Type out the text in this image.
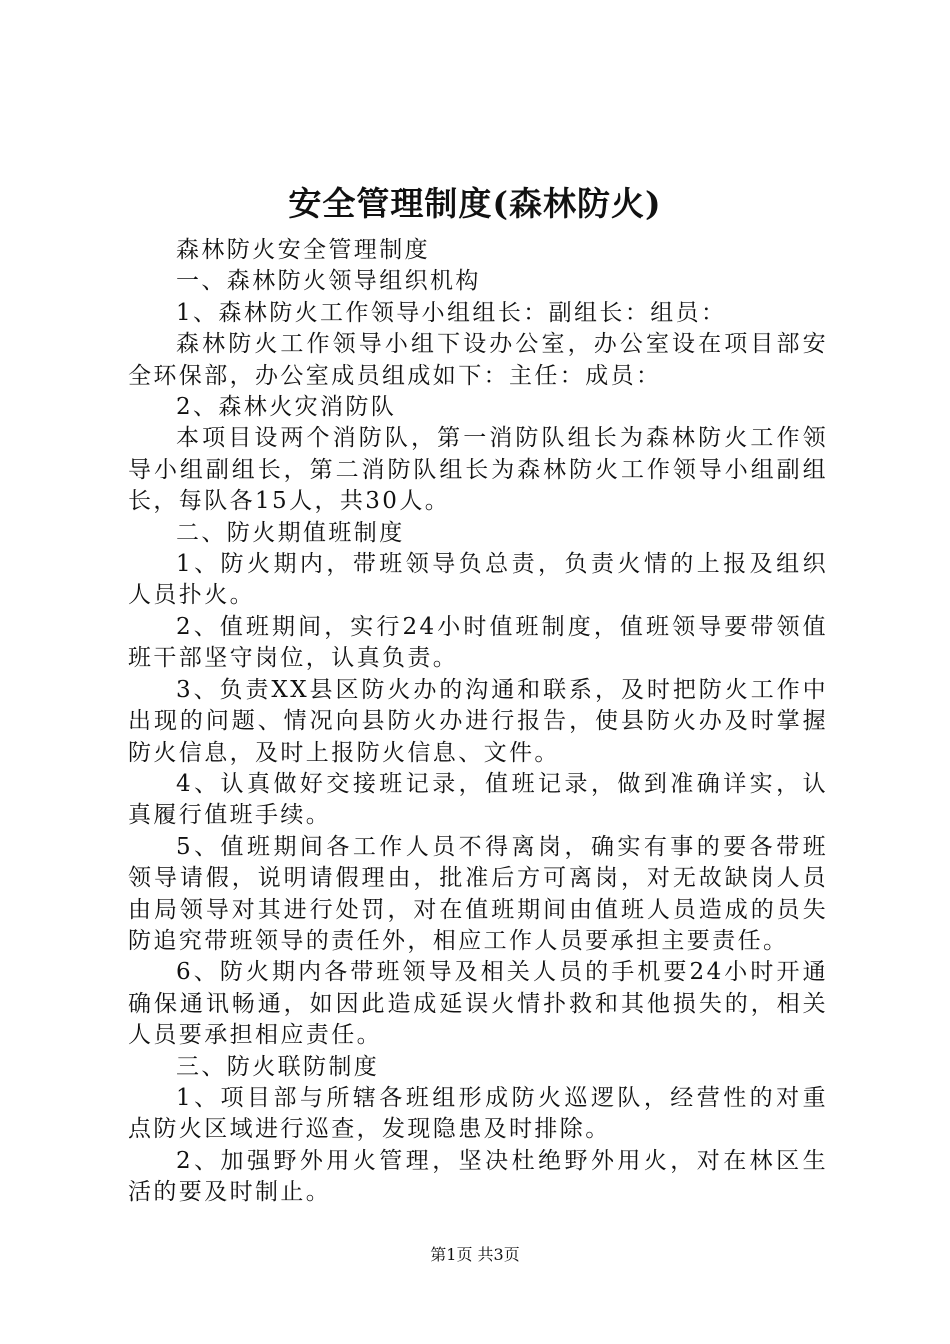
安全管理制度(森林防火)

森林防火安全管理制度

一、森林防火领导组织机构

1、森林防火工作领导小组组长：副组长：组员：

森林防火工作领导小组下设办公室，办公室设在项目部安全环保部，办公室成员组成如下：主任：成员：

2、森林火灾消防队

本项目设两个消防队，第一消防队组长为森林防火工作领导小组副组长，第二消防队组长为森林防火工作领导小组副组长，每队各15人，共30人。

二、防火期值班制度

1、防火期内，带班领导负总责，负责火情的上报及组织人员扑火。

2、值班期间，实行24小时值班制度，值班领导要带领值班干部坚守岗位，认真负责。

3、负责XX县区防火办的沟通和联系，及时把防火工作中出现的问题、情况向县防火办进行报告，使县防火办及时掌握防火信息，及时上报防火信息、文件。

4、认真做好交接班记录，值班记录，做到准确详实，认真履行值班手续。

5、值班期间各工作人员不得离岗，确实有事的要各带班领导请假，说明请假理由，批准后方可离岗，对无故缺岗人员由局领导对其进行处罚，对在值班期间由值班人员造成的员失防追究带班领导的责任外，相应工作人员要承担主要责任。

6、防火期内各带班领导及相关人员的手机要24小时开通确保通讯畅通，如因此造成延误火情扑救和其他损失的，相关人员要承担相应责任。

三、防火联防制度

1、项目部与所辖各班组形成防火巡逻队，经营性的对重点防火区域进行巡查，发现隐患及时排除。

2、加强野外用火管理，坚决杜绝野外用火，对在林区生活的要及时制止。

第1页 共3页
